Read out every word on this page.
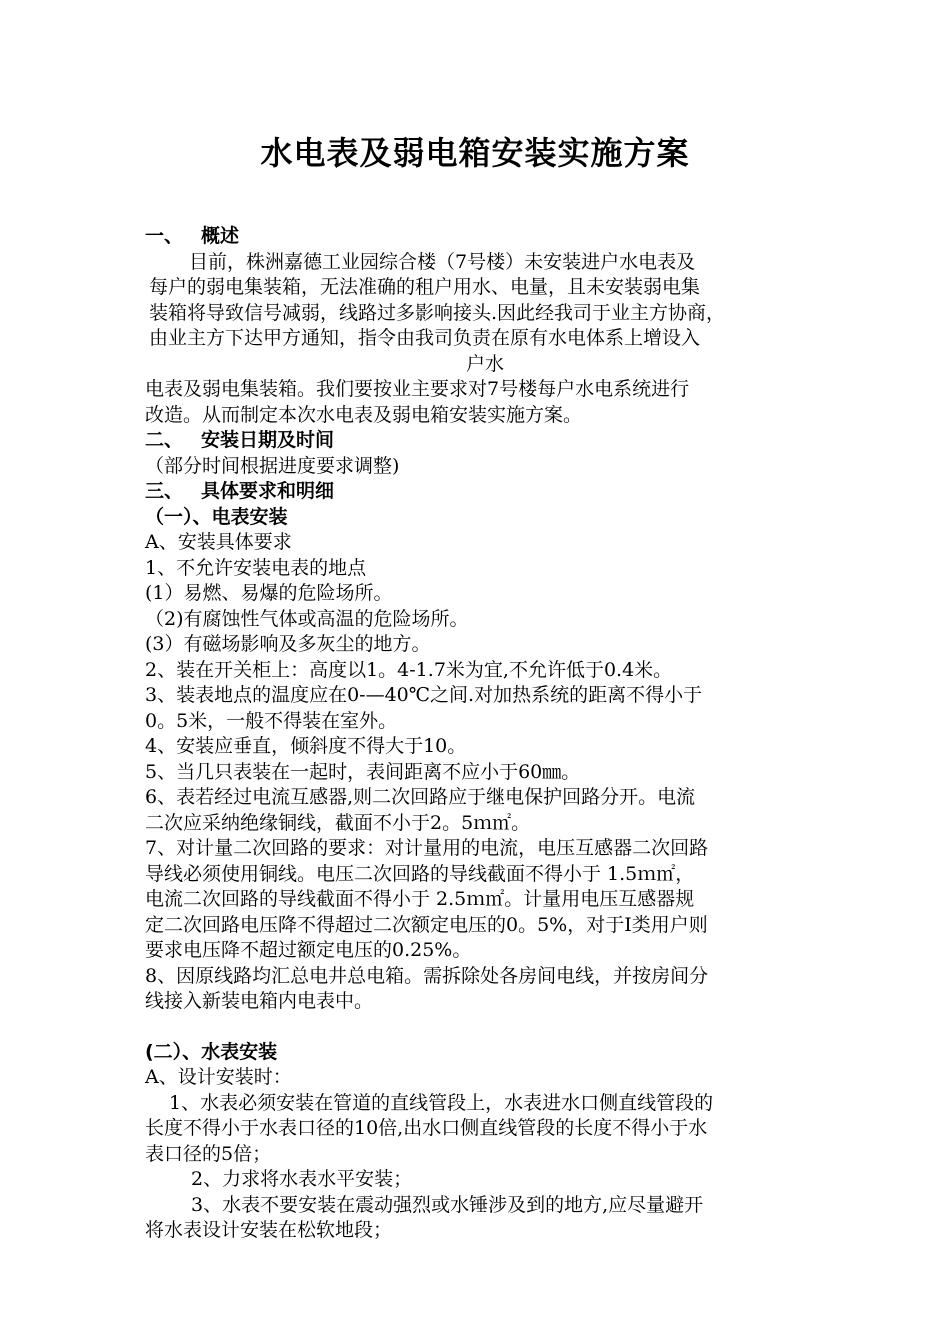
水电表及弱电箱安装实施方案

一、 概述

目前，株洲嘉德工业园综合楼（7号楼）未安装进户水电表及

每户的弱电集装箱，无法准确的租户用水、电量，且未安装弱电集

装箱将导致信号减弱，线路过多影响接头.因此经我司于业主方协商，

由业主方下达甲方通知，指令由我司负责在原有水电体系上增设入

户水

电表及弱电集装箱。我们要按业主要求对7号楼每户水电系统进行

改造。从而制定本次水电表及弱电箱安装实施方案。

二、 安装日期及时间

（部分时间根据进度要求调整)

三、 具体要求和明细

（一）、电表安装

A、安装具体要求

1、不允许安装电表的地点

(1）易燃、易爆的危险场所。

（2)有腐蚀性气体或高温的危险场所。

(3）有磁场影响及多灰尘的地方。

2、装在开关柜上：高度以1。4-1.7米为宜,不允许低于0.4米。

3、装表地点的温度应在0-—40℃之间.对加热系统的距离不得小于

0。5米，一般不得装在室外。

4、安装应垂直，倾斜度不得大于10。

5、当几只表装在一起时，表间距离不应小于60㎜。

6、表若经过电流互感器,则二次回路应于继电保护回路分开。电流

二次应采纳绝缘铜线，截面不小于2。5ｍ㎡。

7、对计量二次回路的要求：对计量用的电流，电压互感器二次回路

导线必须使用铜线。电压二次回路的导线截面不得小于 1.5ｍ㎡，

电流二次回路的导线截面不得小于 2.5ｍ㎡。计量用电压互感器规

定二次回路电压降不得超过二次额定电压的0。5%，对于Ⅰ类用户则

要求电压降不超过额定电压的0.25%。

8、因原线路均汇总电井总电箱。需拆除处各房间电线，并按房间分

线接入新装电箱内电表中。

(二）、水表安装

A、设计安装时：

1、水表必须安装在管道的直线管段上，水表进水口侧直线管段的

长度不得小于水表口径的10倍,出水口侧直线管段的长度不得小于水

表口径的5倍；

2、力求将水表水平安装；

3、水表不要安装在震动强烈或水锤涉及到的地方,应尽量避开

将水表设计安装在松软地段；
